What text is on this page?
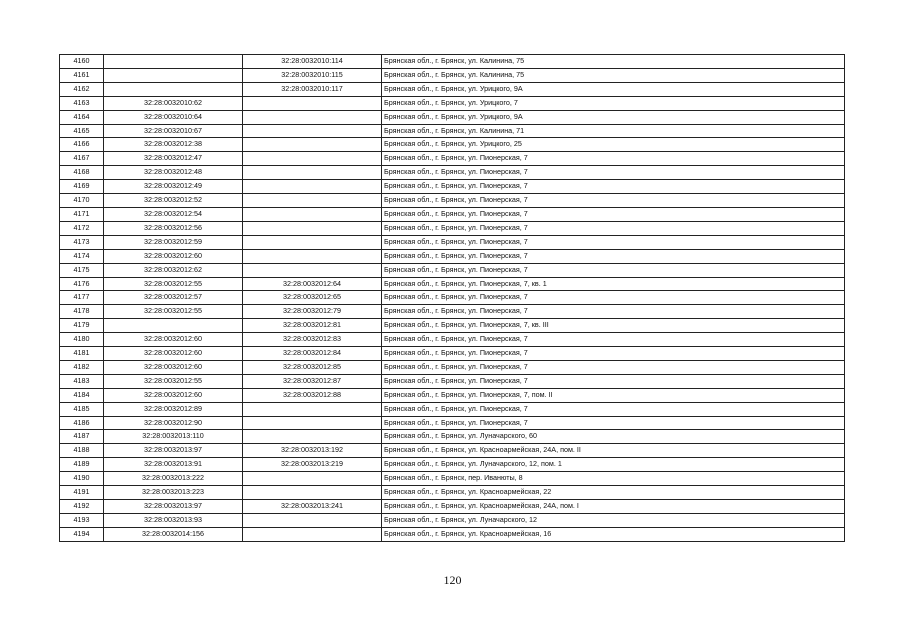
4160		32:28:0032010:114	Брянская обл., г. Брянск, ул. Калинина, 75
4161		32:28:0032010:115	Брянская обл., г. Брянск, ул. Калинина, 75
4162		32:28:0032010:117	Брянская обл., г. Брянск, ул. Урицкого, 9А
4163	32:28:0032010:62		Брянская обл., г. Брянск, ул. Урицкого, 7
4164	32:28:0032010:64		Брянская обл., г. Брянск, ул. Урицкого, 9А
4165	32:28:0032010:67		Брянская обл., г. Брянск, ул. Калинина, 71
4166	32:28:0032012:38		Брянская обл., г. Брянск, ул. Урицкого, 25
4167	32:28:0032012:47		Брянская обл., г. Брянск, ул. Пионерская, 7
4168	32:28:0032012:48		Брянская обл., г. Брянск, ул. Пионерская, 7
4169	32:28:0032012:49		Брянская обл., г. Брянск, ул. Пионерская, 7
4170	32:28:0032012:52		Брянская обл., г. Брянск, ул. Пионерская, 7
4171	32:28:0032012:54		Брянская обл., г. Брянск, ул. Пионерская, 7
4172	32:28:0032012:56		Брянская обл., г. Брянск, ул. Пионерская, 7
4173	32:28:0032012:59		Брянская обл., г. Брянск, ул. Пионерская, 7
4174	32:28:0032012:60		Брянская обл., г. Брянск, ул. Пионерская, 7
4175	32:28:0032012:62		Брянская обл., г. Брянск, ул. Пионерская, 7
4176	32:28:0032012:55	32:28:0032012:64	Брянская обл., г. Брянск, ул. Пионерская, 7, кв. 1
4177	32:28:0032012:57	32:28:0032012:65	Брянская обл., г. Брянск, ул. Пионерская, 7
4178	32:28:0032012:55	32:28:0032012:79	Брянская обл., г. Брянск, ул. Пионерская, 7
4179		32:28:0032012:81	Брянская обл., г. Брянск, ул. Пионерская, 7, кв. III
4180	32:28:0032012:60	32:28:0032012:83	Брянская обл., г. Брянск, ул. Пионерская, 7
4181	32:28:0032012:60	32:28:0032012:84	Брянская обл., г. Брянск, ул. Пионерская, 7
4182	32:28:0032012:60	32:28:0032012:85	Брянская обл., г. Брянск, ул. Пионерская, 7
4183	32:28:0032012:55	32:28:0032012:87	Брянская обл., г. Брянск, ул. Пионерская, 7
4184	32:28:0032012:60	32:28:0032012:88	Брянская обл., г. Брянск, ул. Пионерская, 7, пом. II
4185	32:28:0032012:89		Брянская обл., г. Брянск, ул. Пионерская, 7
4186	32:28:0032012:90		Брянская обл., г. Брянск, ул. Пионерская, 7
4187	32:28:0032013:110		Брянская обл., г. Брянск, ул. Луначарского, 60
4188	32:28:0032013:97	32:28:0032013:192	Брянская обл., г. Брянск, ул. Красноармейская, 24А, пом. II
4189	32:28:0032013:91	32:28:0032013:219	Брянская обл., г. Брянск, ул. Луначарского, 12, пом. 1
4190	32:28:0032013:222		Брянская обл., г. Брянск, пер. Иванюты, 8
4191	32:28:0032013:223		Брянская обл., г. Брянск, ул. Красноармейская, 22
4192	32:28:0032013:97	32:28:0032013:241	Брянская обл., г. Брянск, ул. Красноармейская, 24А, пом. I
4193	32:28:0032013:93		Брянская обл., г. Брянск, ул. Луначарского, 12
4194	32:28:0032014:156		Брянская обл., г. Брянск, ул. Красноармейская, 16
120
